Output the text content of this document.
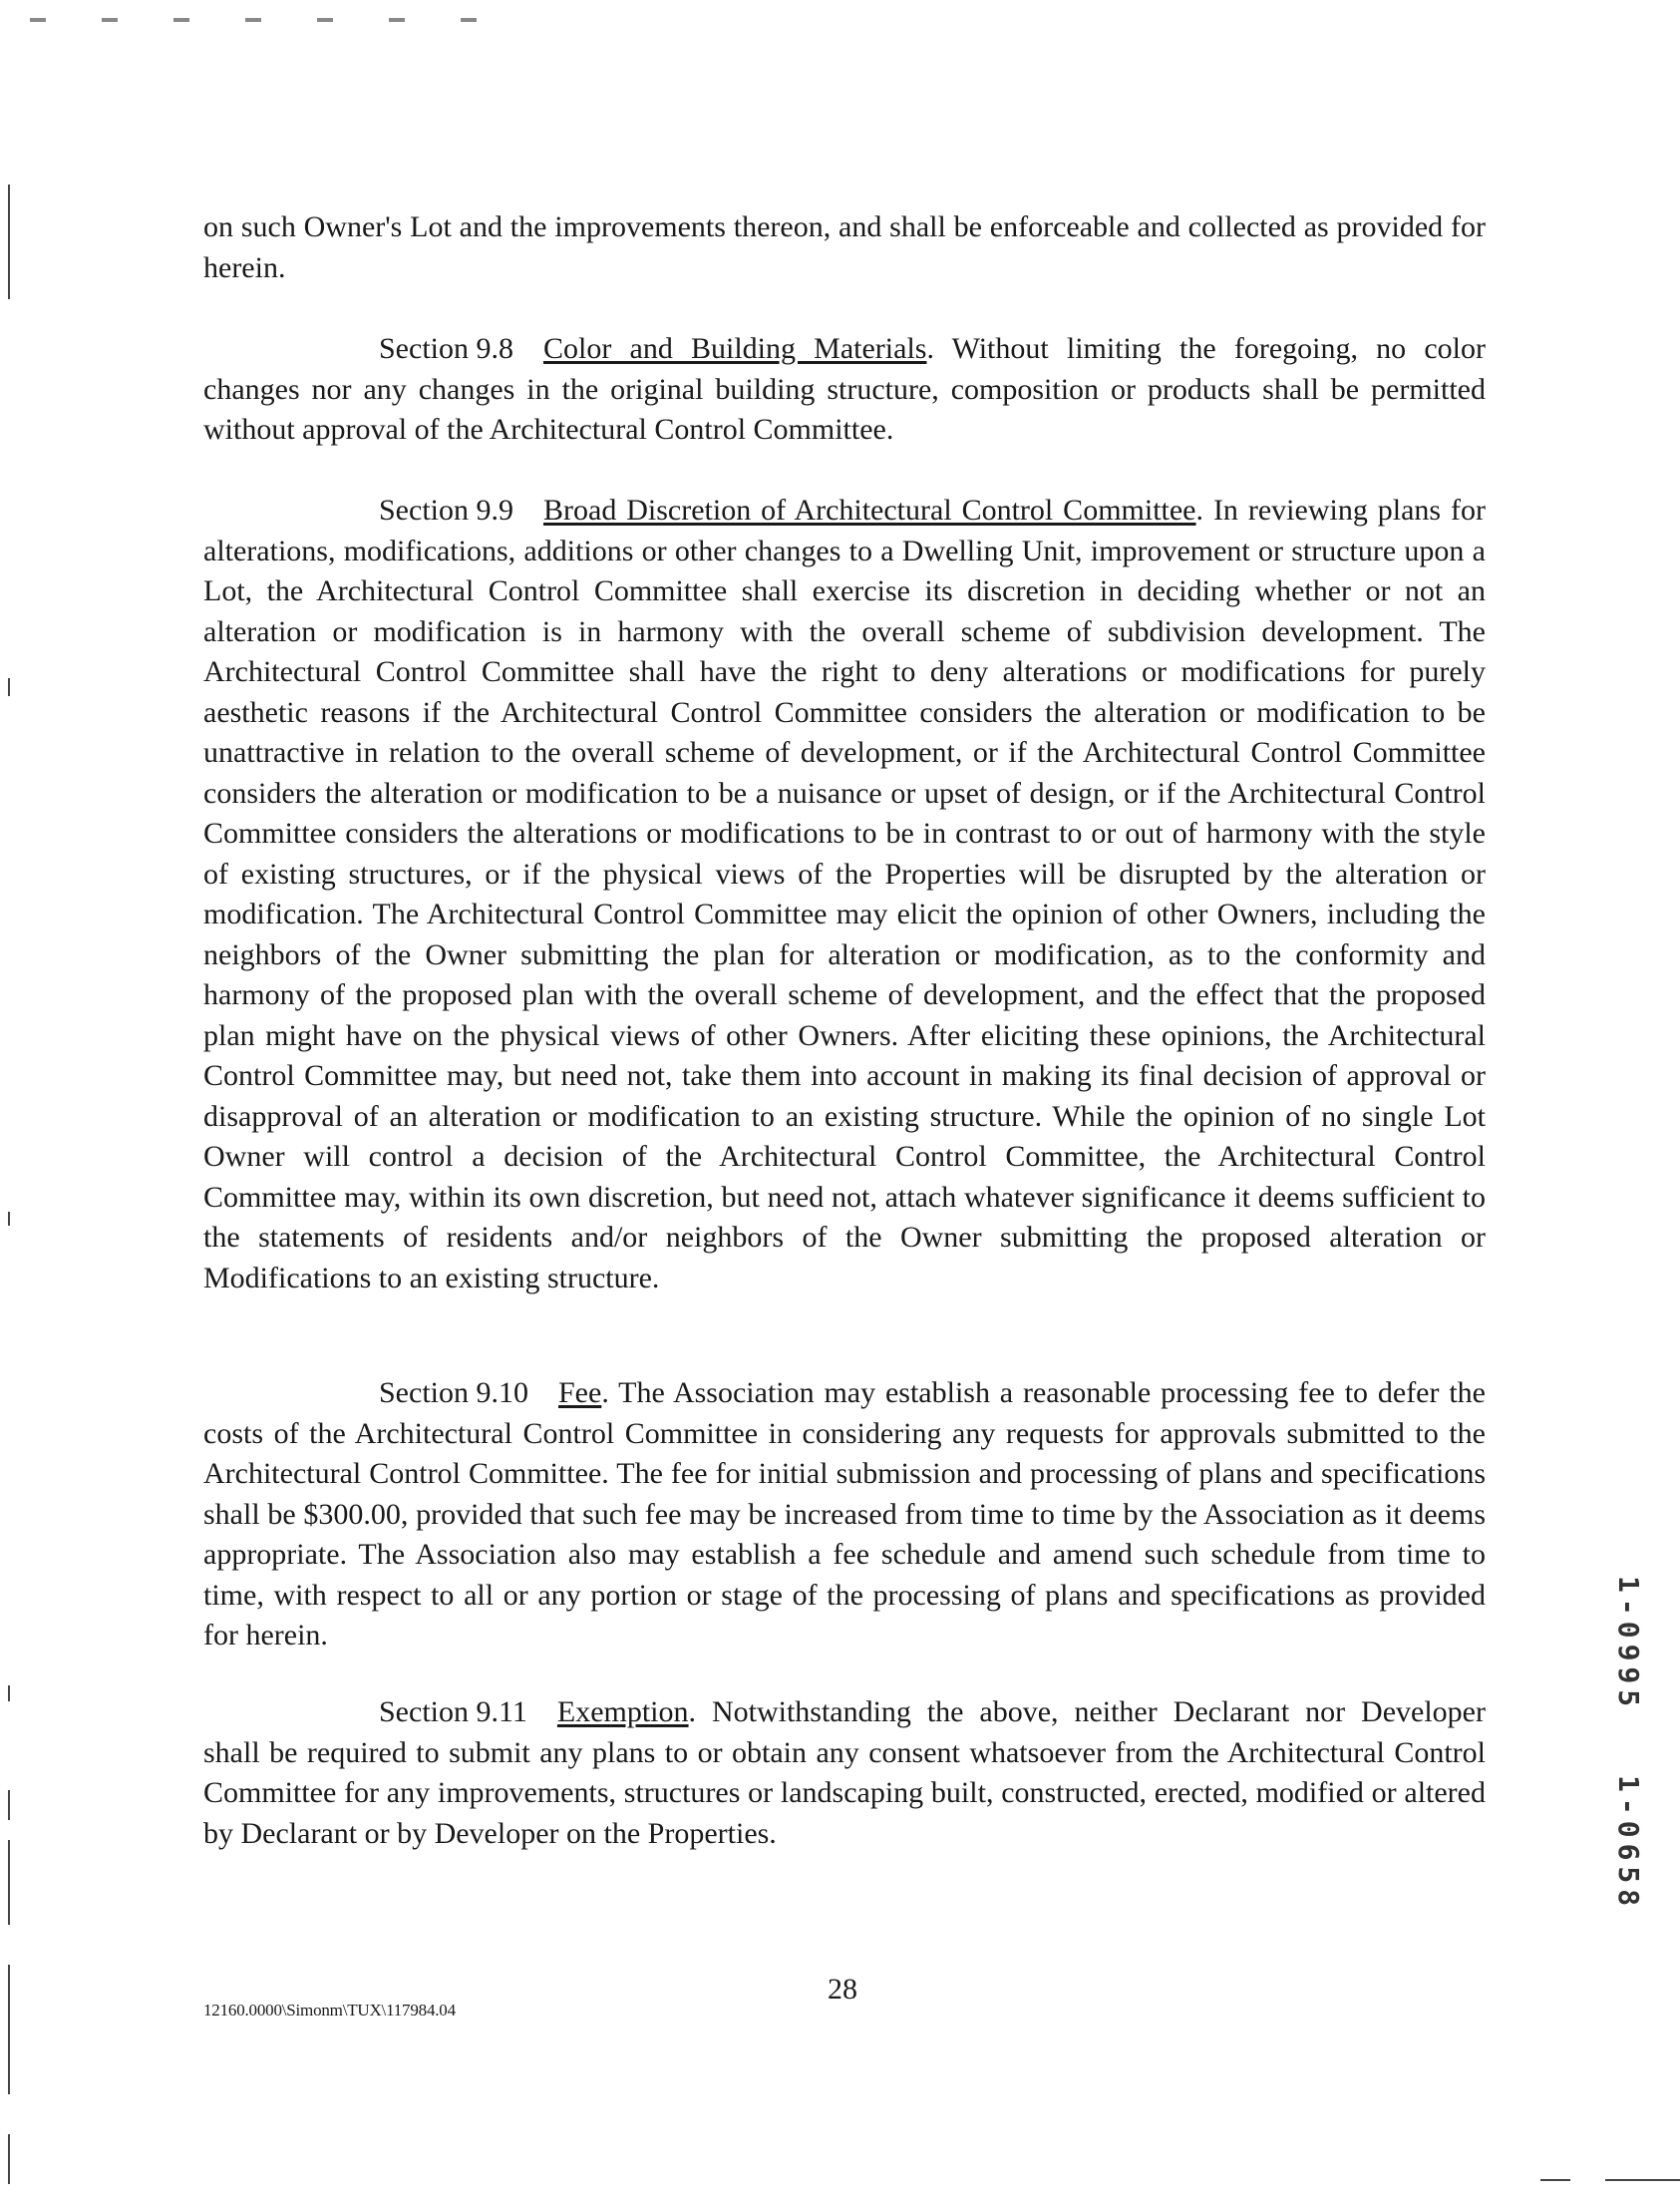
on such Owner's Lot and the improvements thereon, and shall be enforceable and collected as provided for herein.

Section 9.8 Color and Building Materials. Without limiting the foregoing, no color changes nor any changes in the original building structure, composition or products shall be permitted without approval of the Architectural Control Committee.

Section 9.9 Broad Discretion of Architectural Control Committee. In reviewing plans for alterations, modifications, additions or other changes to a Dwelling Unit, improvement or structure upon a Lot, the Architectural Control Committee shall exercise its discretion in deciding whether or not an alteration or modification is in harmony with the overall scheme of subdivision development. The Architectural Control Committee shall have the right to deny alterations or modifications for purely aesthetic reasons if the Architectural Control Committee considers the alteration or modification to be unattractive in relation to the overall scheme of development, or if the Architectural Control Committee considers the alteration or modification to be a nuisance or upset of design, or if the Architectural Control Committee considers the alterations or modifications to be in contrast to or out of harmony with the style of existing structures, or if the physical views of the Properties will be disrupted by the alteration or modification. The Architectural Control Committee may elicit the opinion of other Owners, including the neighbors of the Owner submitting the plan for alteration or modification, as to the conformity and harmony of the proposed plan with the overall scheme of development, and the effect that the proposed plan might have on the physical views of other Owners. After eliciting these opinions, the Architectural Control Committee may, but need not, take them into account in making its final decision of approval or disapproval of an alteration or modification to an existing structure. While the opinion of no single Lot Owner will control a decision of the Architectural Control Committee, the Architectural Control Committee may, within its own discretion, but need not, attach whatever significance it deems sufficient to the statements of residents and/or neighbors of the Owner submitting the proposed alteration or Modifications to an existing structure.

Section 9.10 Fee. The Association may establish a reasonable processing fee to defer the costs of the Architectural Control Committee in considering any requests for approvals submitted to the Architectural Control Committee. The fee for initial submission and processing of plans and specifications shall be $300.00, provided that such fee may be increased from time to time by the Association as it deems appropriate. The Association also may establish a fee schedule and amend such schedule from time to time, with respect to all or any portion or stage of the processing of plans and specifications as provided for herein.

Section 9.11 Exemption. Notwithstanding the above, neither Declarant nor Developer shall be required to submit any plans to or obtain any consent whatsoever from the Architectural Control Committee for any improvements, structures or landscaping built, constructed, erected, modified or altered by Declarant or by Developer on the Properties.

28
12160.0000\Simonm\TUX\117984.04
1-0995
1-0658
